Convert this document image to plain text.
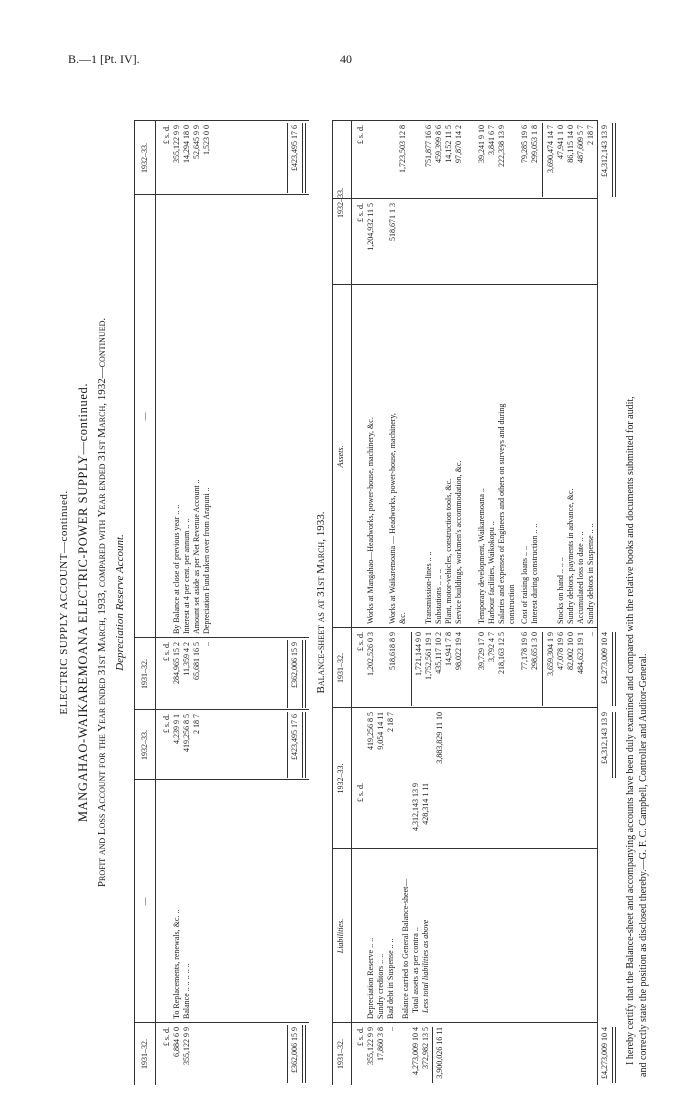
B.—1 [Pt. IV].	40
ELECTRIC SUPPLY ACCOUNT—continued. MANGAHAO-WAIKAREMOANA ELECTRIC-POWER SUPPLY—continued. Profit and Loss Account for the Year ended 31st March, 1933, compared with Year ended 31st March, 1932—continued. Depreciation Reserve Account.
1931–32.
—
1932–33.
1931–32.
—
1932–33.
£ s. d.
£ s. d.
£ s. d.
£ s. d.
6,884 6 0
To Replacements, renewals, &c. ..
4,239 9 1
355,122 9 9
Balance .. .. .. .. ..
419,256 8 5 2 18 7
284,965 15 2
By Balance at close of previous year .. ..
355,122 9 9
11,359 4 2
Interest at 4 per cent. per annum .. ..
14,294 18 0
65,681 16 5
Amount set aside as per Net Revenue Account ..
52,645 9 9
..
Depreciation Fund taken over from Arapuni ..
1,523 0 0
£362,006 15 9
£423,495 17 6
£362,006 15 9
£423,495 17 6
Balance-sheet as at 31st March, 1933.
1931–32.
Liabilities.
1932–33.
1931–32.
Assets.
1932–33.
£ s. d.
£ s. d.
£ s. d.
£ s. d.
£ s. d.
355,122 9 9
Depreciation Reserve .. ..
419,256 8 5
17,860 3 8
Sundry creditors .. ..
9,054 14 11
..
Bad debt in Suspense .. ..
2 18 7
Balance carried to General Balance-sheet—
4,273,009 10 4
Total assets as per contra ..
4,312,143 13 9
372,982 13 5
Less total liabilities as above
428,314 1 11
3,900,026 16 11
3,883,829 11 10
1,202,526 0 3
Works at Mangahao—Headworks, power-house, machinery, &c.
1,204,932 11 5
518,618 8 9
Works at Waikaremoana — Headworks, power-house, machinery, &c.
518,671 1 3
1,723,503 12 8
1,721,144 9 0 1,752,561 19 1
Transmission-lines .. ..
751,877 16 6
435,117 10 2
Substations .. .. ..
459,399 8 6
14,941 7 8
Plant, motor-vehicles, construction tools, &c.
14,152 11 5
98,022 19 4
Service buildings, workmen's accommodation, &c.
97,870 14 2
39,729 17 0
Temporary development, Waikaremoana ..
39,241 9 10
3,792 4 7
Harbour facilities, Waikokopu ..
3,841 6 7
218,163 12 5
Salaries and expenses of Engineers and others on surveys and during construction
222,338 13 9
77,178 19 6
Cost of raising loans .. ..
79,285 19 6
298,651 3 0
Interest during construction .. ..
299,053 1 8
3,659,304 1 9
3,690,474 14 7
47,078 19 6
Stocks on hand .. .. ..
47,941 1 0
82,002 10 0
Sundry debtors, payments in advance, &c.
86,115 14 0
484,623 19 1
Accumulated loss to date .. ..
487,609 5 7
..
Sundry debtors in Suspense .. ..
2 18 7
£4,273,009 10 4
£4,312,143 13 9
£4,273,009 10 4
£4,312,143 13 9
I hereby certify that the Balance-sheet and accompanying accounts have been duly examined and compared with the relative books and documents submitted for audit, and correctly state the position as disclosed thereby.—G. F. C. Campbell, Controller and Auditor-General.
